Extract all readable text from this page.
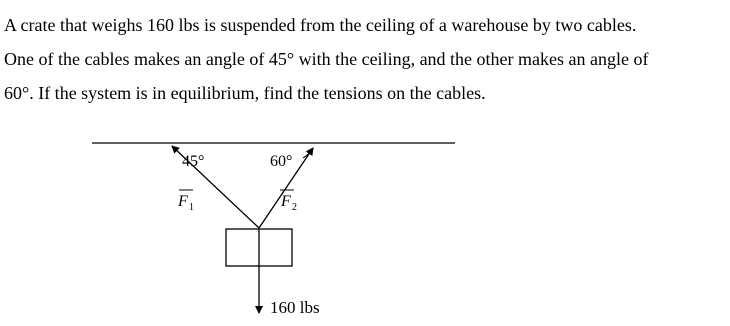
A crate that weighs 160 lbs is suspended from the ceiling of a warehouse by two cables.
One of the cables makes an angle of 45° with the ceiling, and the other makes an angle of
60°. If the system is in equilibrium, find the tensions on the cables.
45°	60°
F 1	F 2
160 lbs
